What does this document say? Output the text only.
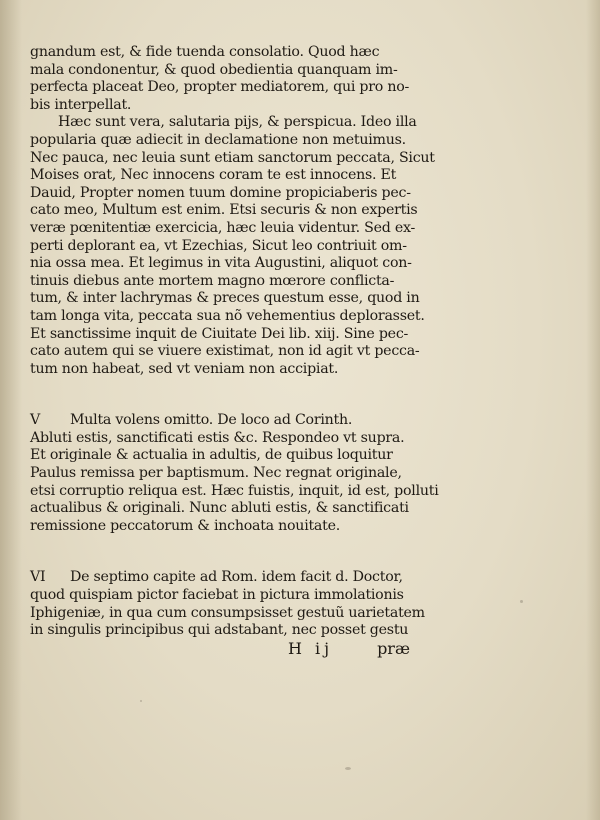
gnandum est, & fide tuenda consolatio. Quod hæc
mala condonentur, & quod obedientia quanquam im-
perfecta placeat Deo, propter mediatorem, qui pro no-
bis interpellat.
Hæc sunt vera, salutaria pijs, & perspicua. Ideo illa
popularia quæ adiecit in declamatione non metuimus.
Nec pauca, nec leuia sunt etiam sanctorum peccata, Sicut
Moises orat, Nec innocens coram te est innocens. Et
Dauid, Propter nomen tuum domine propiciaberis pec-
cato meo, Multum est enim. Etsi securis & non expertis
veræ pœnitentiæ exercicia, hæc leuia videntur. Sed ex-
perti deplorant ea, vt Ezechias, Sicut leo contriuit om-
nia ossa mea. Et legimus in vita Augustini, aliquot con-
tinuis diebus ante mortem magno mœrore conflicta-
tum, & inter lachrymas & preces questum esse, quod in
tam longa vita, peccata sua nõ vehementius deplorasset.
Et sanctissime inquit de Ciuitate Dei lib. xiij. Sine pec-
cato autem qui se viuere existimat, non id agit vt pecca-
tum non habeat, sed vt veniam non accipiat.
V Multa volens omitto. De loco ad Corinth.
Abluti estis, sanctificati estis &c. Respondeo vt supra.
Et originale & actualia in adultis, de quibus loquitur
Paulus remissa per baptismum. Nec regnat originale,
etsi corruptio reliqua est. Hæc fuistis, inquit, id est, polluti
actualibus & originali. Nunc abluti estis, & sanctificati
remissione peccatorum & inchoata nouitate.
VI De septimo capite ad Rom. idem facit d. Doctor,
quod quispiam pictor faciebat in pictura immolationis
Iphigeniæ, in qua cum consumpsisset gestuũ uarietatem
in singulis principibus qui adstabant, nec posset gestu
H ij	præ
